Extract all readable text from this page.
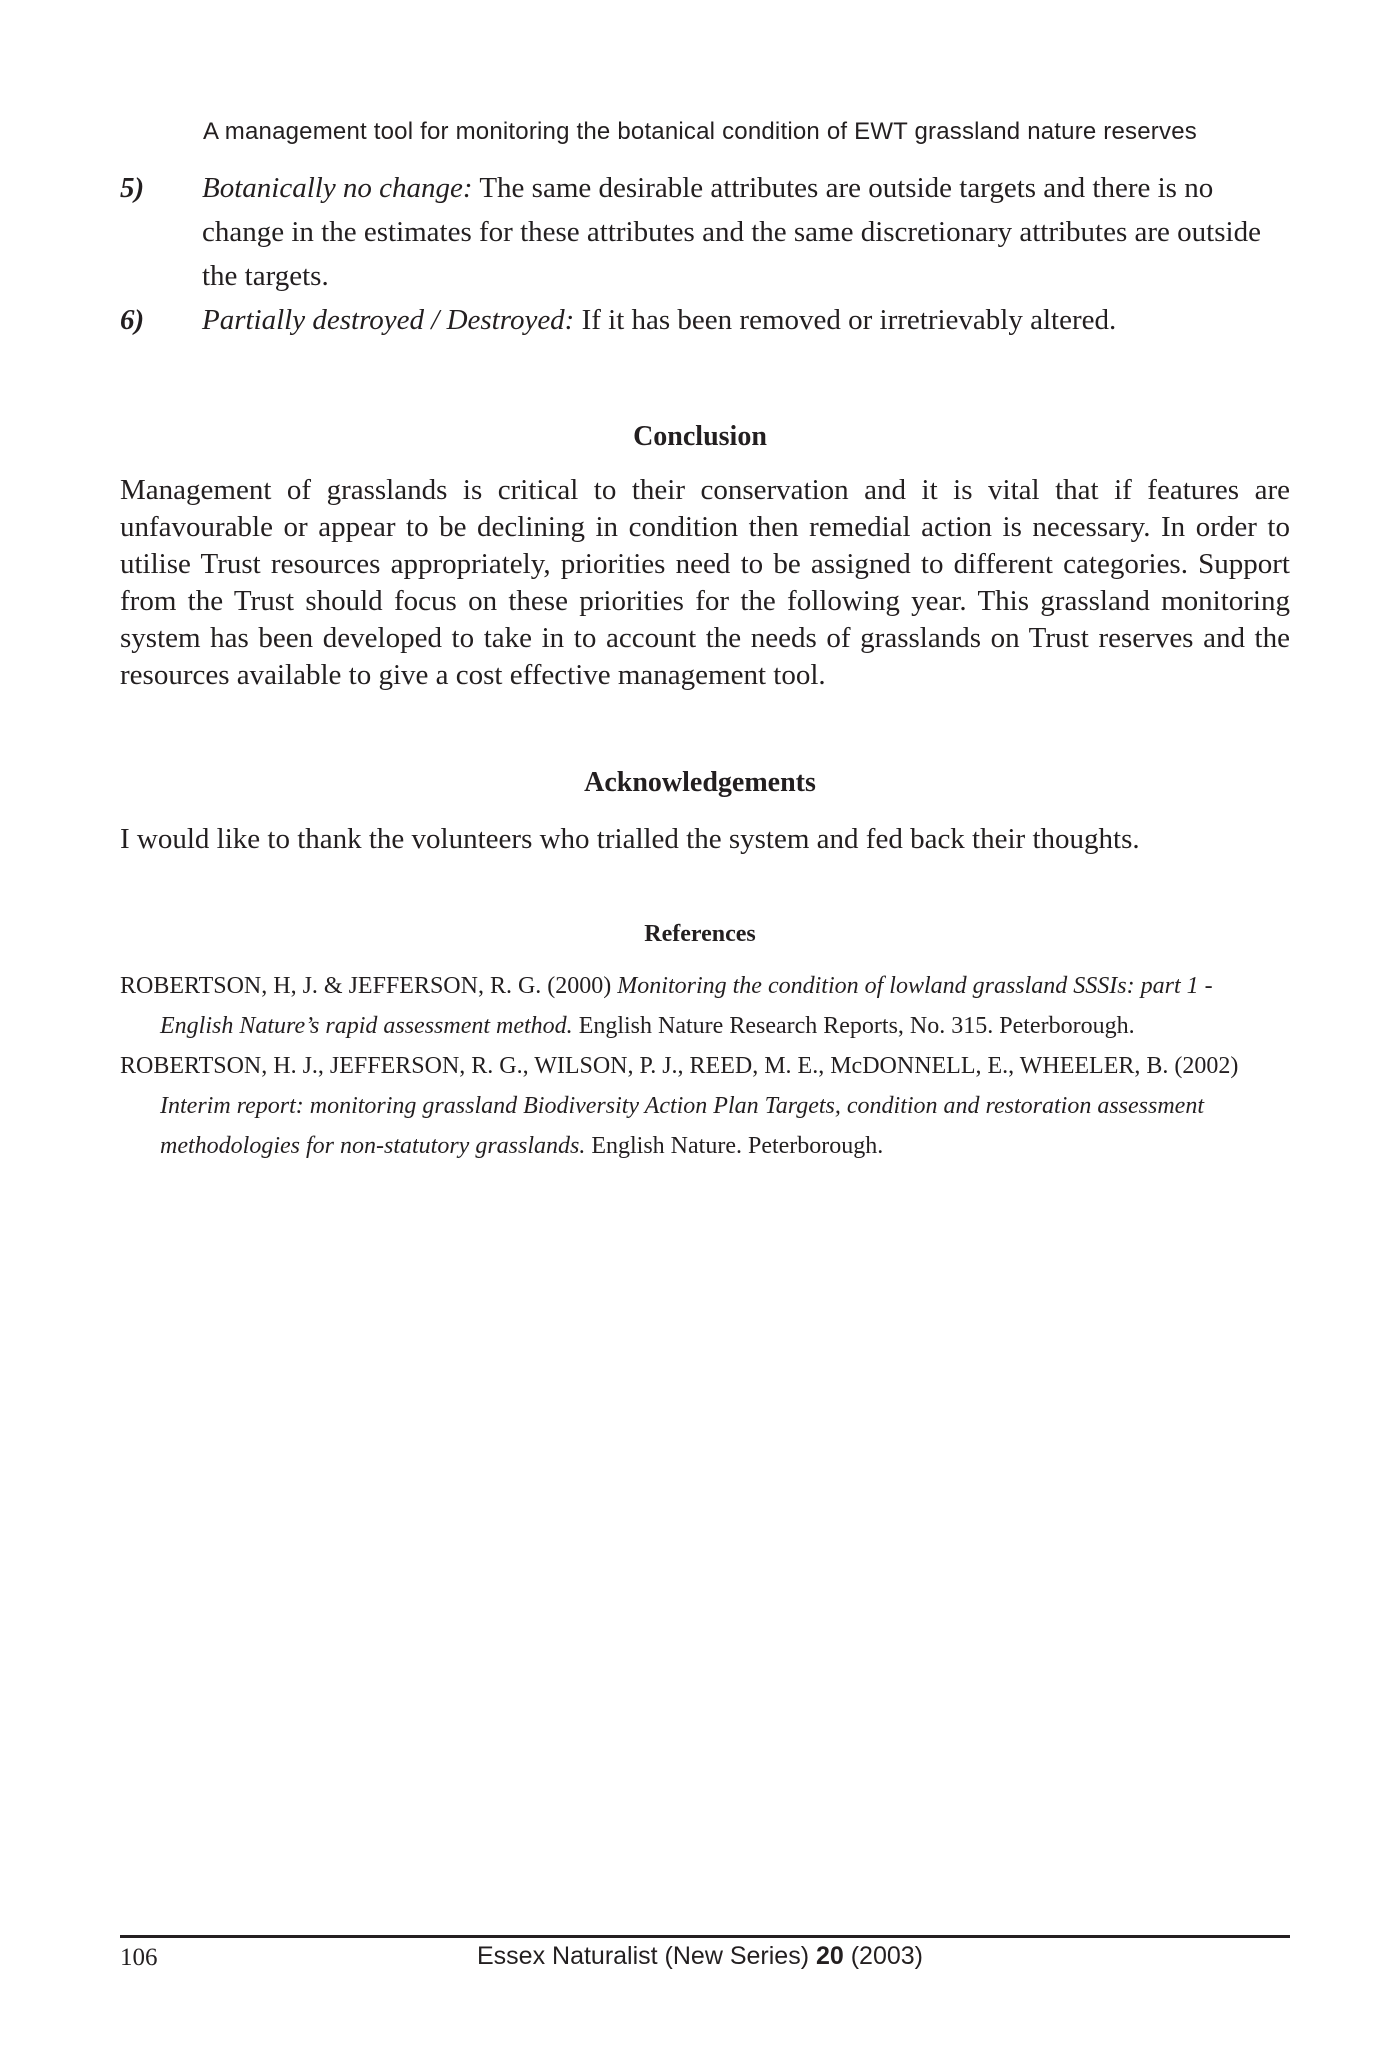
A management tool for monitoring the botanical condition of EWT grassland nature reserves
5) Botanically no change: The same desirable attributes are outside targets and there is no change in the estimates for these attributes and the same discretionary attributes are outside the targets.
6) Partially destroyed / Destroyed: If it has been removed or irretrievably altered.
Conclusion
Management of grasslands is critical to their conservation and it is vital that if features are unfavourable or appear to be declining in condition then remedial action is necessary. In order to utilise Trust resources appropriately, priorities need to be assigned to different categories. Support from the Trust should focus on these priorities for the following year. This grassland monitoring system has been developed to take in to account the needs of grasslands on Trust reserves and the resources available to give a cost effective management tool.
Acknowledgements
I would like to thank the volunteers who trialled the system and fed back their thoughts.
References
ROBERTSON, H, J. & JEFFERSON, R. G. (2000) Monitoring the condition of lowland grassland SSSIs: part 1 - English Nature’s rapid assessment method. English Nature Research Reports, No. 315. Peterborough.
ROBERTSON, H. J., JEFFERSON, R. G., WILSON, P. J., REED, M. E., McDONNELL, E., WHEELER, B. (2002) Interim report: monitoring grassland Biodiversity Action Plan Targets, condition and restoration assessment methodologies for non-statutory grasslands. English Nature. Peterborough.
106	Essex Naturalist (New Series) 20 (2003)
